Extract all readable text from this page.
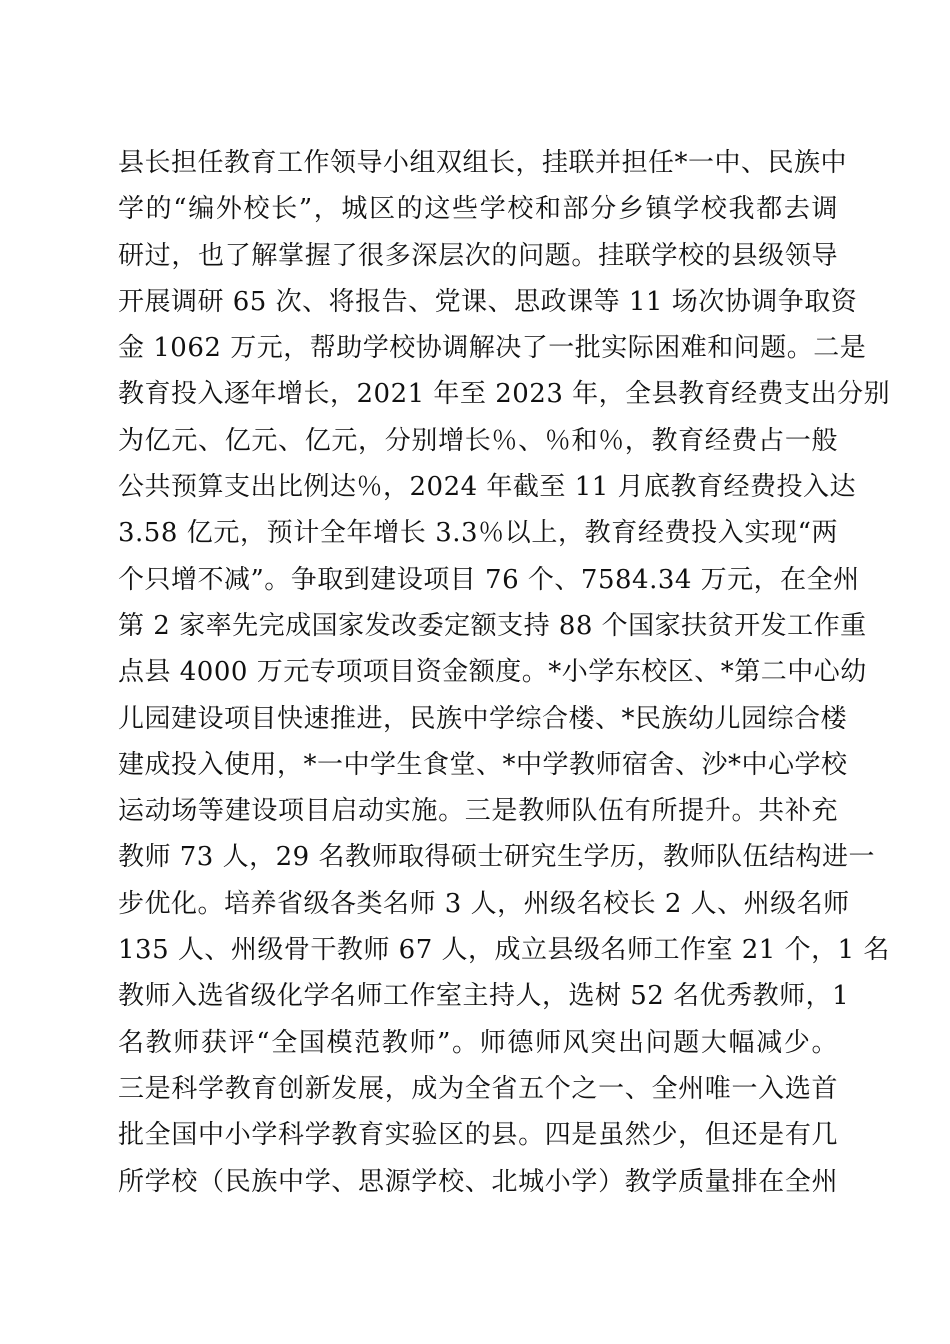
县长担任教育工作领导小组双组长，挂联并担任*一中、民族中
学的“编外校长”，城区的这些学校和部分乡镇学校我都去调
研过，也了解掌握了很多深层次的问题。挂联学校的县级领导
开展调研 65 次、将报告、党课、思政课等 11 场次协调争取资
金 1062 万元，帮助学校协调解决了一批实际困难和问题。二是
教育投入逐年增长，2021 年至 2023 年，全县教育经费支出分别
为亿元、亿元、亿元，分别增长％、％和％，教育经费占一般
公共预算支出比例达％，2024 年截至 11 月底教育经费投入达
3.58 亿元，预计全年增长 3.3％以上，教育经费投入实现“两
个只增不减”。争取到建设项目 76 个、7584.34 万元，在全州
第 2 家率先完成国家发改委定额支持 88 个国家扶贫开发工作重
点县 4000 万元专项项目资金额度。*小学东校区、*第二中心幼
儿园建设项目快速推进，民族中学综合楼、*民族幼儿园综合楼
建成投入使用，*一中学生食堂、*中学教师宿舍、沙*中心学校
运动场等建设项目启动实施。三是教师队伍有所提升。共补充
教师 73 人，29 名教师取得硕士研究生学历，教师队伍结构进一
步优化。培养省级各类名师 3 人，州级名校长 2 人、州级名师
135 人、州级骨干教师 67 人，成立县级名师工作室 21 个，1 名
教师入选省级化学名师工作室主持人，选树 52 名优秀教师，1
名教师获评“全国模范教师”。师德师风突出问题大幅减少。
三是科学教育创新发展，成为全省五个之一、全州唯一入选首
批全国中小学科学教育实验区的县。四是虽然少，但还是有几
所学校（民族中学、思源学校、北城小学）教学质量排在全州
